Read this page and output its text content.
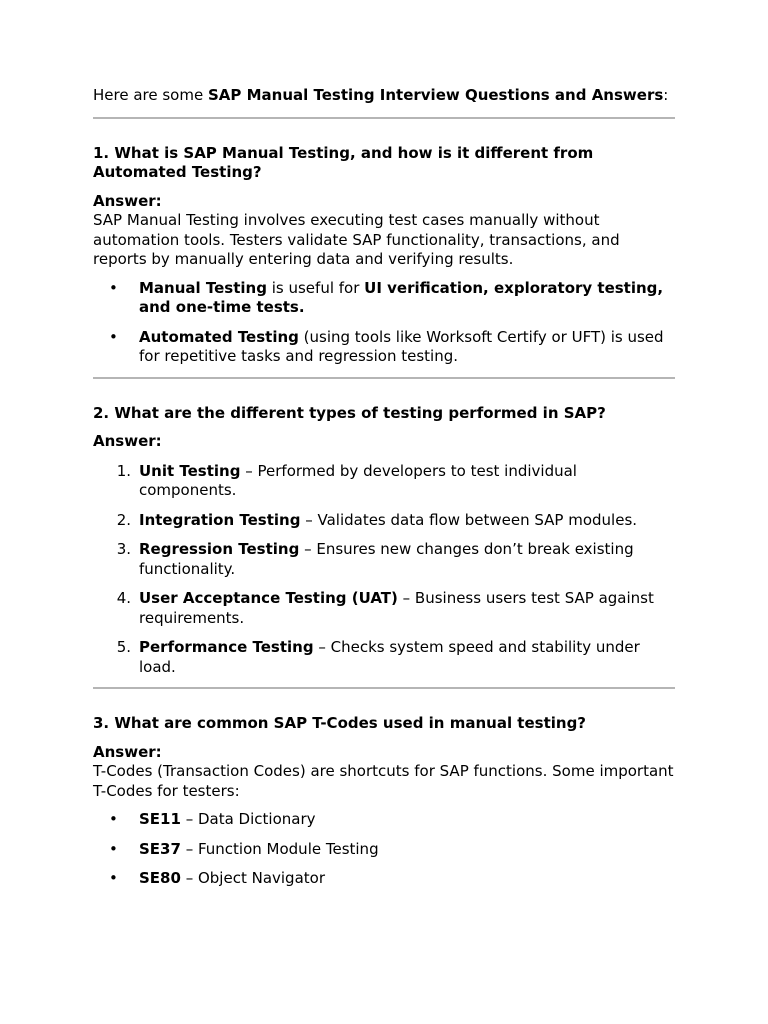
Here are some SAP Manual Testing Interview Questions and Answers:

1. What is SAP Manual Testing, and how is it different from Automated Testing?

Answer:

SAP Manual Testing involves executing test cases manually without automation tools. Testers validate SAP functionality, transactions, and reports by manually entering data and verifying results.

• Manual Testing is useful for UI verification, exploratory testing, and one-time tests.
• Automated Testing (using tools like Worksoft Certify or UFT) is used for repetitive tasks and regression testing.

2. What are the different types of testing performed in SAP?

Answer:

1. Unit Testing – Performed by developers to test individual components.
2. Integration Testing – Validates data flow between SAP modules.
3. Regression Testing – Ensures new changes don’t break existing functionality.
4. User Acceptance Testing (UAT) – Business users test SAP against requirements.
5. Performance Testing – Checks system speed and stability under load.

3. What are common SAP T-Codes used in manual testing?

Answer:

T-Codes (Transaction Codes) are shortcuts for SAP functions. Some important T-Codes for testers:

• SE11 – Data Dictionary
• SE37 – Function Module Testing
• SE80 – Object Navigator
